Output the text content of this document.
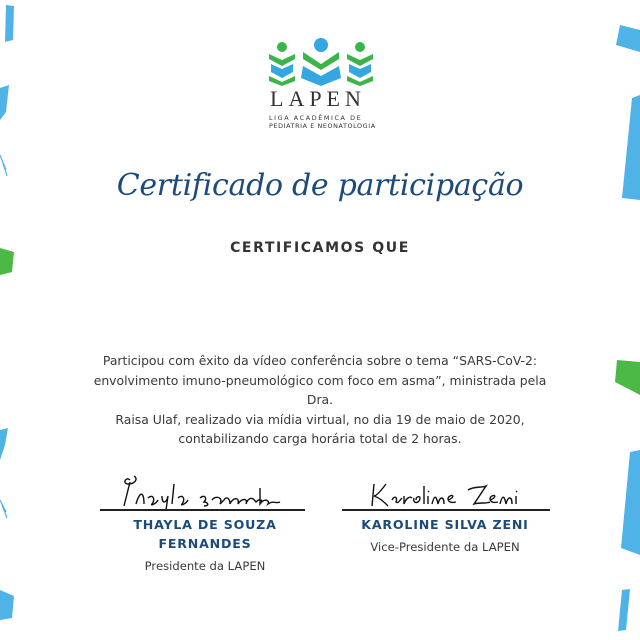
LAPEN
LIGA ACADÊMICA DE
PEDIATRIA E NEONATOLOGIA
Certificado de participação
CERTIFICAMOS QUE
Participou com êxito da vídeo conferência sobre o tema “SARS-CoV-2:
envolvimento imuno-pneumológico com foco em asma”, ministrada pela Dra.
Raisa Ulaf, realizado via mídia virtual, no dia 19 de maio de 2020,
contabilizando carga horária total de 2 horas.
THAYLA DE SOUZA
FERNANDES
Presidente da LAPEN
KAROLINE SILVA ZENI
Vice-Presidente da LAPEN
